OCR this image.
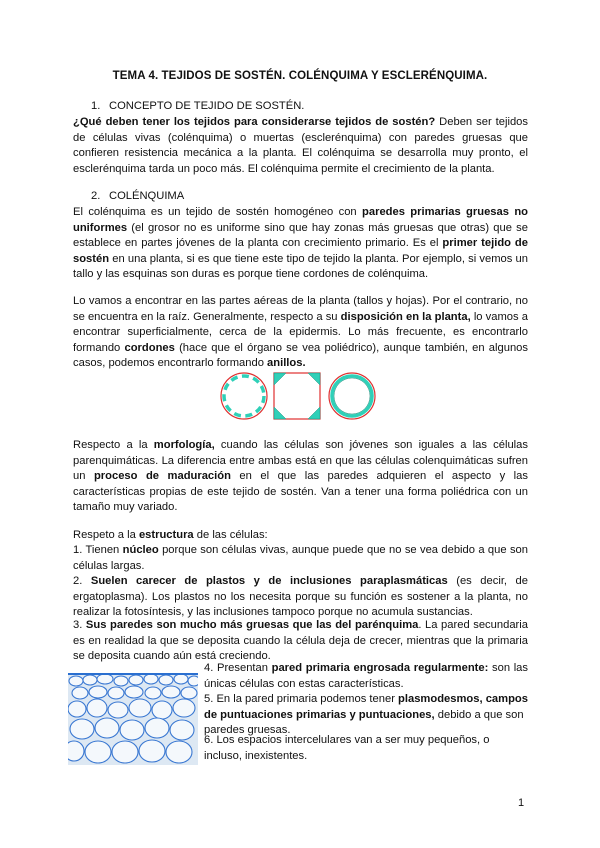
TEMA 4. TEJIDOS DE SOSTÉN. COLÉNQUIMA Y ESCLERÉNQUIMA.
1. CONCEPTO DE TEJIDO DE SOSTÉN.
¿Qué deben tener los tejidos para considerarse tejidos de sostén? Deben ser tejidos de células vivas (colénquima) o muertas (esclerénquima) con paredes gruesas que confieren resistencia mecánica a la planta. El colénquima se desarrolla muy pronto, el esclerénquima tarda un poco más. El colénquima permite el crecimiento de la planta.
2. COLÉNQUIMA
El colénquima es un tejido de sostén homogéneo con paredes primarias gruesas no uniformes (el grosor no es uniforme sino que hay zonas más gruesas que otras) que se establece en partes jóvenes de la planta con crecimiento primario. Es el primer tejido de sostén en una planta, si es que tiene este tipo de tejido la planta. Por ejemplo, si vemos un tallo y las esquinas son duras es porque tiene cordones de colénquima.
Lo vamos a encontrar en las partes aéreas de la planta (tallos y hojas). Por el contrario, no se encuentra en la raíz. Generalmente, respecto a su disposición en la planta, lo vamos a encontrar superficialmente, cerca de la epidermis. Lo más frecuente, es encontrarlo formando cordones (hace que el órgano se vea poliédrico), aunque también, en algunos casos, podemos encontrarlo formando anillos.
Respecto a la morfología, cuando las células son jóvenes son iguales a las células parenquimáticas. La diferencia entre ambas está en que las células colenquimáticas sufren un proceso de maduración en el que las paredes adquieren el aspecto y las características propias de este tejido de sostén. Van a tener una forma poliédrica con un tamaño muy variado.
Respeto a la estructura de las células:
1. Tienen núcleo porque son células vivas, aunque puede que no se vea debido a que son células largas.
2. Suelen carecer de plastos y de inclusiones paraplasmáticas (es decir, de ergatoplasma). Los plastos no los necesita porque su función es sostener a la planta, no realizar la fotosíntesis, y las inclusiones tampoco porque no acumula sustancias.
3. Sus paredes son mucho más gruesas que las del parénquima. La pared secundaria es en realidad la que se deposita cuando la célula deja de crecer, mientras que la primaria se deposita cuando aún está creciendo.
4. Presentan pared primaria engrosada regularmente: son las únicas células con estas características.
5. En la pared primaria podemos tener plasmodesmos, campos de puntuaciones primarias y puntuaciones, debido a que son paredes gruesas.
6. Los espacios intercelulares van a ser muy pequeños, o incluso, inexistentes.
1
